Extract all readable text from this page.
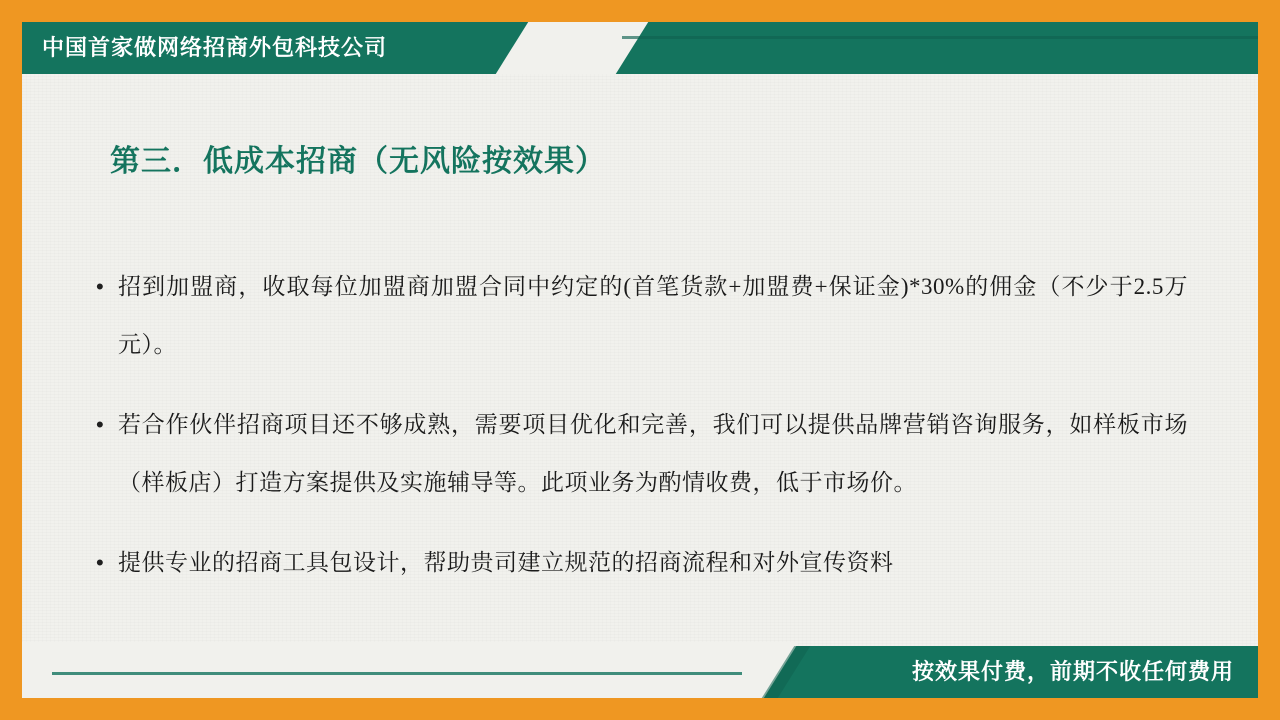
中国首家做网络招商外包科技公司
第三．低成本招商（无风险按效果）
• 招到加盟商，收取每位加盟商加盟合同中约定的(首笔货款+加盟费+保证金)*30%的佣金（不少于2.5万元）。
• 若合作伙伴招商项目还不够成熟，需要项目优化和完善，我们可以提供品牌营销咨询服务，如样板市场（样板店）打造方案提供及实施辅导等。此项业务为酌情收费，低于市场价。
• 提供专业的招商工具包设计，帮助贵司建立规范的招商流程和对外宣传资料
按效果付费，前期不收任何费用
